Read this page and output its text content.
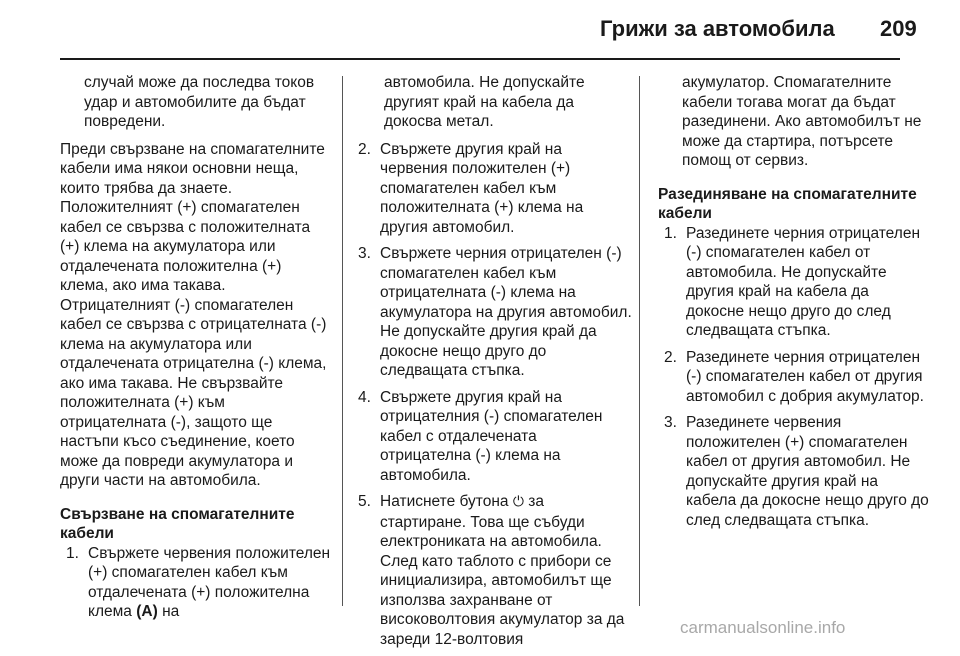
Грижи за автомобила 209

случай може да последва токов удар и автомобилите да бъдат повредени.

Преди свързване на спомагателните кабели има някои основни неща, които трябва да знаете. Положителният (+) спомагателен кабел се свързва с положителната (+) клема на акумулатора или отдалечената положителна (+) клема, ако има такава. Отрицателният (-) спомагателен кабел се свързва с отрицателната (-) клема на акумулатора или отдалечената отрицателна (-) клема, ако има такава. Не свързвайте положителната (+) към отрицателната (-), защото ще настъпи късо съединение, което може да повреди акумулатора и други части на автомобила.

Свързване на спомагателните кабели

1. Свържете червения положителен (+) спомагателен кабел към отдалечената (+) положителна клема (A) на

автомобила. Не допускайте другият край на кабела да докосва метал.

2. Свържете другия край на червения положителен (+) спомагателен кабел към положителната (+) клема на другия автомобил.
3. Свържете черния отрицателен (-) спомагателен кабел към отрицателната (-) клема на акумулатора на другия автомобил. Не допускайте другия край да докосне нещо друго до следващата стъпка.
4. Свържете другия край на отрицателния (-) спомагателен кабел с отдалечената отрицателна (-) клема на автомобила.
5. Натиснете бутона ⏻ за стартиране. Това ще събуди електрониката на автомобила. След като таблото с прибори се инициализира, автомобилът ще използва захранване от високоволтовия акумулатор за да зареди 12-волтовия

акумулатор. Спомагателните кабели тогава могат да бъдат разединени. Ако автомобилът не може да стартира, потърсете помощ от сервиз.

Разединяване на спомагателните кабели

1. Разединете черния отрицателен (-) спомагателен кабел от автомобила. Не допускайте другия край на кабела да докосне нещо друго до след следващата стъпка.
2. Разединете черния отрицателен (-) спомагателен кабел от другия автомобил с добрия акумулатор.
3. Разединете червения положителен (+) спомагателен кабел от другия автомобил. Не допускайте другия край на кабела да докосне нещо друго до след следващата стъпка.
carmanualsonline.info
